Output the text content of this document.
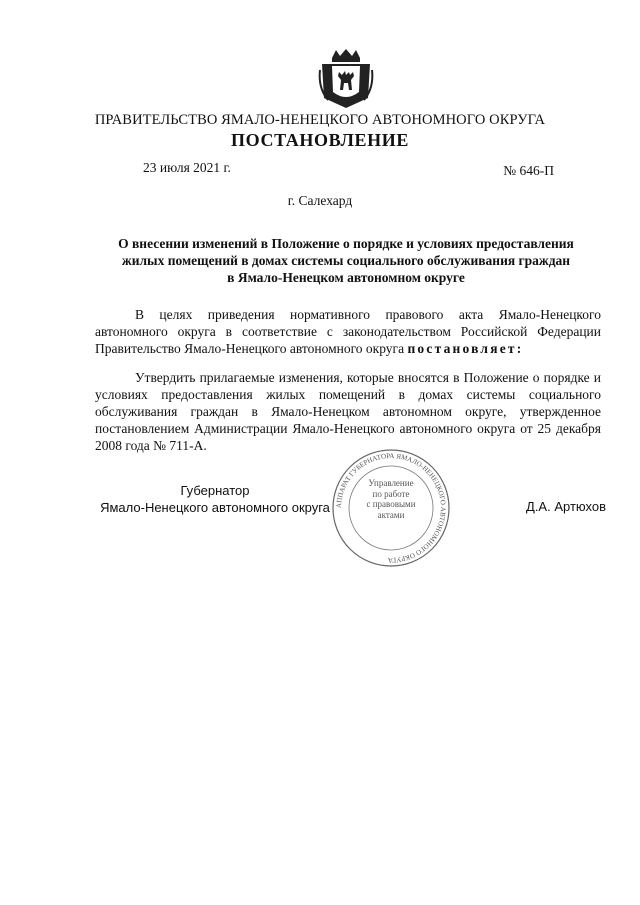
ПРАВИТЕЛЬСТВО ЯМАЛО-НЕНЕЦКОГО АВТОНОМНОГО ОКРУГА
ПОСТАНОВЛЕНИЕ
23 июля 2021 г.	№ 646-П
г. Салехард
О внесении изменений в Положение о порядке и условиях предоставления
жилых помещений в домах системы социального обслуживания граждан
в Ямало-Ненецком автономном округе
В целях приведения нормативного правового акта Ямало-Ненецкого автономного округа в соответствие с законодательством Российской Федерации Правительство Ямало-Ненецкого автономного округа постановляет:
Утвердить прилагаемые изменения, которые вносятся в Положение о порядке и условиях предоставления жилых помещений в домах системы социального обслуживания граждан в Ямало-Ненецком автономном округе, утвержденное постановлением Администрации Ямало-Ненецкого автономного округа от 25 декабря 2008 года № 711-А.
Губернатор
Ямало-Ненецкого автономного округа	Д.А. Артюхов
АППАРАТ ГУБЕРНАТОРА ЯМАЛО-НЕНЕЦКОГО АВТОНОМНОГО ОКРУГА
Управление
по работе
с правовыми
актами
